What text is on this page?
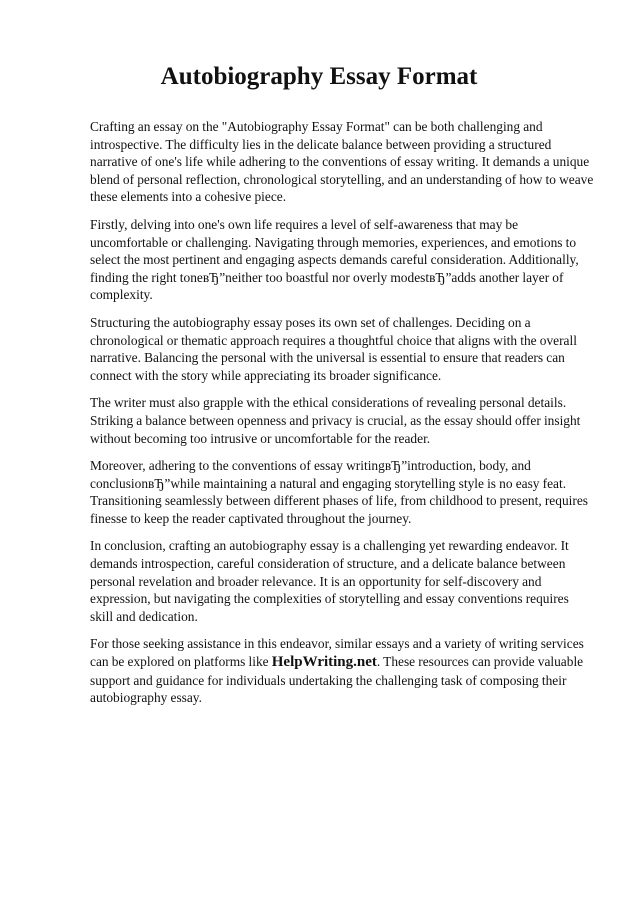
Autobiography Essay Format

Crafting an essay on the "Autobiography Essay Format" can be both challenging and introspective. The difficulty lies in the delicate balance between providing a structured narrative of one's life while adhering to the conventions of essay writing. It demands a unique blend of personal reflection, chronological storytelling, and an understanding of how to weave these elements into a cohesive piece.

Firstly, delving into one's own life requires a level of self-awareness that may be uncomfortable or challenging. Navigating through memories, experiences, and emotions to select the most pertinent and engaging aspects demands careful consideration. Additionally, finding the right toneвЂ”neither too boastful nor overly modestвЂ”adds another layer of complexity.

Structuring the autobiography essay poses its own set of challenges. Deciding on a chronological or thematic approach requires a thoughtful choice that aligns with the overall narrative. Balancing the personal with the universal is essential to ensure that readers can connect with the story while appreciating its broader significance.

The writer must also grapple with the ethical considerations of revealing personal details. Striking a balance between openness and privacy is crucial, as the essay should offer insight without becoming too intrusive or uncomfortable for the reader.

Moreover, adhering to the conventions of essay writingвЂ”introduction, body, and conclusionвЂ”while maintaining a natural and engaging storytelling style is no easy feat. Transitioning seamlessly between different phases of life, from childhood to present, requires finesse to keep the reader captivated throughout the journey.

In conclusion, crafting an autobiography essay is a challenging yet rewarding endeavor. It demands introspection, careful consideration of structure, and a delicate balance between personal revelation and broader relevance. It is an opportunity for self-discovery and expression, but navigating the complexities of storytelling and essay conventions requires skill and dedication.

For those seeking assistance in this endeavor, similar essays and a variety of writing services can be explored on platforms like HelpWriting.net. These resources can provide valuable support and guidance for individuals undertaking the challenging task of composing their autobiography essay.
